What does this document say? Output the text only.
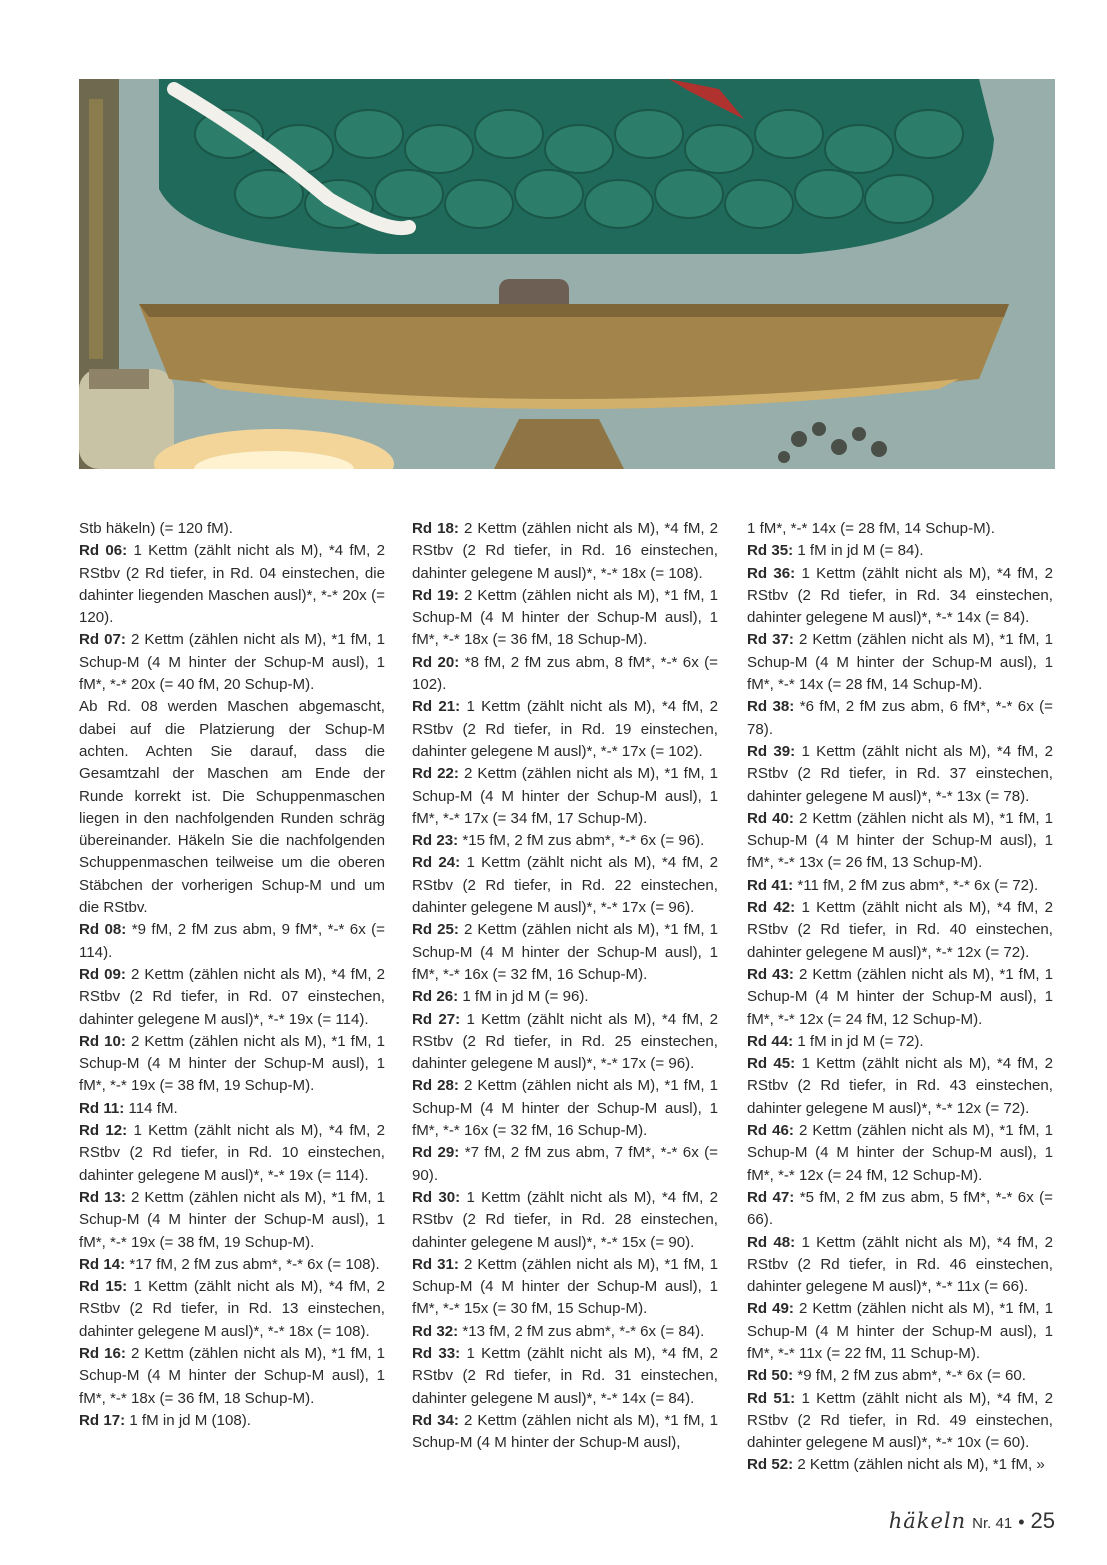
Stb häkeln) (= 120 fM).

Rd 06: 1 Kettm (zählt nicht als M), *4 fM, 2 RStbv (2 Rd tiefer, in Rd. 04 einstechen, die dahinter liegenden Maschen ausl)*, *-* 20x (= 120).

Rd 07: 2 Kettm (zählen nicht als M), *1 fM, 1 Schup-M (4 M hinter der Schup-M ausl), 1 fM*, *-* 20x (= 40 fM, 20 Schup-M).

Ab Rd. 08 werden Maschen abgemascht, dabei auf die Platzierung der Schup-M achten. Achten Sie darauf, dass die Gesamtzahl der Maschen am Ende der Runde korrekt ist. Die Schuppenmaschen liegen in den nachfolgenden Runden schräg übereinander. Häkeln Sie die nachfolgenden Schuppenmaschen teilweise um die oberen Stäbchen der vorherigen Schup-M und um die RStbv.

Rd 08: *9 fM, 2 fM zus abm, 9 fM*, *-* 6x (= 114).

Rd 09: 2 Kettm (zählen nicht als M), *4 fM, 2 RStbv (2 Rd tiefer, in Rd. 07 einstechen, dahinter gelegene M ausl)*, *-* 19x (= 114).

Rd 10: 2 Kettm (zählen nicht als M), *1 fM, 1 Schup-M (4 M hinter der Schup-M ausl), 1 fM*, *-* 19x (= 38 fM, 19 Schup-M).

Rd 11: 114 fM.

Rd 12: 1 Kettm (zählt nicht als M), *4 fM, 2 RStbv (2 Rd tiefer, in Rd. 10 einstechen, dahinter gelegene M ausl)*, *-* 19x (= 114).

Rd 13: 2 Kettm (zählen nicht als M), *1 fM, 1 Schup-M (4 M hinter der Schup-M ausl), 1 fM*, *-* 19x (= 38 fM, 19 Schup-M).

Rd 14: *17 fM, 2 fM zus abm*, *-* 6x (= 108).

Rd 15: 1 Kettm (zählt nicht als M), *4 fM, 2 RStbv (2 Rd tiefer, in Rd. 13 einstechen, dahinter gelegene M ausl)*, *-* 18x (= 108).

Rd 16: 2 Kettm (zählen nicht als M), *1 fM, 1 Schup-M (4 M hinter der Schup-M ausl), 1 fM*, *-* 18x (= 36 fM, 18 Schup-M).

Rd 17: 1 fM in jd M (108).

Rd 18: 2 Kettm (zählen nicht als M), *4 fM, 2 RStbv (2 Rd tiefer, in Rd. 16 einstechen, dahinter gelegene M ausl)*, *-* 18x (= 108).

Rd 19: 2 Kettm (zählen nicht als M), *1 fM, 1 Schup-M (4 M hinter der Schup-M ausl), 1 fM*, *-* 18x (= 36 fM, 18 Schup-M).

Rd 20: *8 fM, 2 fM zus abm, 8 fM*, *-* 6x (= 102).

Rd 21: 1 Kettm (zählt nicht als M), *4 fM, 2 RStbv (2 Rd tiefer, in Rd. 19 einstechen, dahinter gelegene M ausl)*, *-* 17x (= 102).

Rd 22: 2 Kettm (zählen nicht als M), *1 fM, 1 Schup-M (4 M hinter der Schup-M ausl), 1 fM*, *-* 17x (= 34 fM, 17 Schup-M).

Rd 23: *15 fM, 2 fM zus abm*, *-* 6x (= 96).

Rd 24: 1 Kettm (zählt nicht als M), *4 fM, 2 RStbv (2 Rd tiefer, in Rd. 22 einstechen, dahinter gelegene M ausl)*, *-* 17x (= 96).

Rd 25: 2 Kettm (zählen nicht als M), *1 fM, 1 Schup-M (4 M hinter der Schup-M ausl), 1 fM*, *-* 16x (= 32 fM, 16 Schup-M).

Rd 26: 1 fM in jd M (= 96).

Rd 27: 1 Kettm (zählt nicht als M), *4 fM, 2 RStbv (2 Rd tiefer, in Rd. 25 einstechen, dahinter gelegene M ausl)*, *-* 17x (= 96).

Rd 28: 2 Kettm (zählen nicht als M), *1 fM, 1 Schup-M (4 M hinter der Schup-M ausl), 1 fM*, *-* 16x (= 32 fM, 16 Schup-M).

Rd 29: *7 fM, 2 fM zus abm, 7 fM*, *-* 6x (= 90).

Rd 30: 1 Kettm (zählt nicht als M), *4 fM, 2 RStbv (2 Rd tiefer, in Rd. 28 einstechen, dahinter gelegene M ausl)*, *-* 15x (= 90).

Rd 31: 2 Kettm (zählen nicht als M), *1 fM, 1 Schup-M (4 M hinter der Schup-M ausl), 1 fM*, *-* 15x (= 30 fM, 15 Schup-M).

Rd 32: *13 fM, 2 fM zus abm*, *-* 6x (= 84).

Rd 33: 1 Kettm (zählt nicht als M), *4 fM, 2 RStbv (2 Rd tiefer, in Rd. 31 einstechen, dahinter gelegene M ausl)*, *-* 14x (= 84).

Rd 34: 2 Kettm (zählen nicht als M), *1 fM, 1 Schup-M (4 M hinter der Schup-M ausl),

1 fM*, *-* 14x (= 28 fM, 14 Schup-M).

Rd 35: 1 fM in jd M (= 84).

Rd 36: 1 Kettm (zählt nicht als M), *4 fM, 2 RStbv (2 Rd tiefer, in Rd. 34 einstechen, dahinter gelegene M ausl)*, *-* 14x (= 84).

Rd 37: 2 Kettm (zählen nicht als M), *1 fM, 1 Schup-M (4 M hinter der Schup-M ausl), 1 fM*, *-* 14x (= 28 fM, 14 Schup-M).

Rd 38: *6 fM, 2 fM zus abm, 6 fM*, *-* 6x (= 78).

Rd 39: 1 Kettm (zählt nicht als M), *4 fM, 2 RStbv (2 Rd tiefer, in Rd. 37 einstechen, dahinter gelegene M ausl)*, *-* 13x (= 78).

Rd 40: 2 Kettm (zählen nicht als M), *1 fM, 1 Schup-M (4 M hinter der Schup-M ausl), 1 fM*, *-* 13x (= 26 fM, 13 Schup-M).

Rd 41: *11 fM, 2 fM zus abm*, *-* 6x (= 72).

Rd 42: 1 Kettm (zählt nicht als M), *4 fM, 2 RStbv (2 Rd tiefer, in Rd. 40 einstechen, dahinter gelegene M ausl)*, *-* 12x (= 72).

Rd 43: 2 Kettm (zählen nicht als M), *1 fM, 1 Schup-M (4 M hinter der Schup-M ausl), 1 fM*, *-* 12x (= 24 fM, 12 Schup-M).

Rd 44: 1 fM in jd M (= 72).

Rd 45: 1 Kettm (zählt nicht als M), *4 fM, 2 RStbv (2 Rd tiefer, in Rd. 43 einstechen, dahinter gelegene M ausl)*, *-* 12x (= 72).

Rd 46: 2 Kettm (zählen nicht als M), *1 fM, 1 Schup-M (4 M hinter der Schup-M ausl), 1 fM*, *-* 12x (= 24 fM, 12 Schup-M).

Rd 47: *5 fM, 2 fM zus abm, 5 fM*, *-* 6x (= 66).

Rd 48: 1 Kettm (zählt nicht als M), *4 fM, 2 RStbv (2 Rd tiefer, in Rd. 46 einstechen, dahinter gelegene M ausl)*, *-* 11x (= 66).

Rd 49: 2 Kettm (zählen nicht als M), *1 fM, 1 Schup-M (4 M hinter der Schup-M ausl), 1 fM*, *-* 11x (= 22 fM, 11 Schup-M).

Rd 50: *9 fM, 2 fM zus abm*, *-* 6x (= 60.

Rd 51: 1 Kettm (zählt nicht als M), *4 fM, 2 RStbv (2 Rd tiefer, in Rd. 49 einstechen, dahinter gelegene M ausl)*, *-* 10x (= 60).

Rd 52: 2 Kettm (zählen nicht als M), *1 fM, »

häkeln Nr. 41 • 25
